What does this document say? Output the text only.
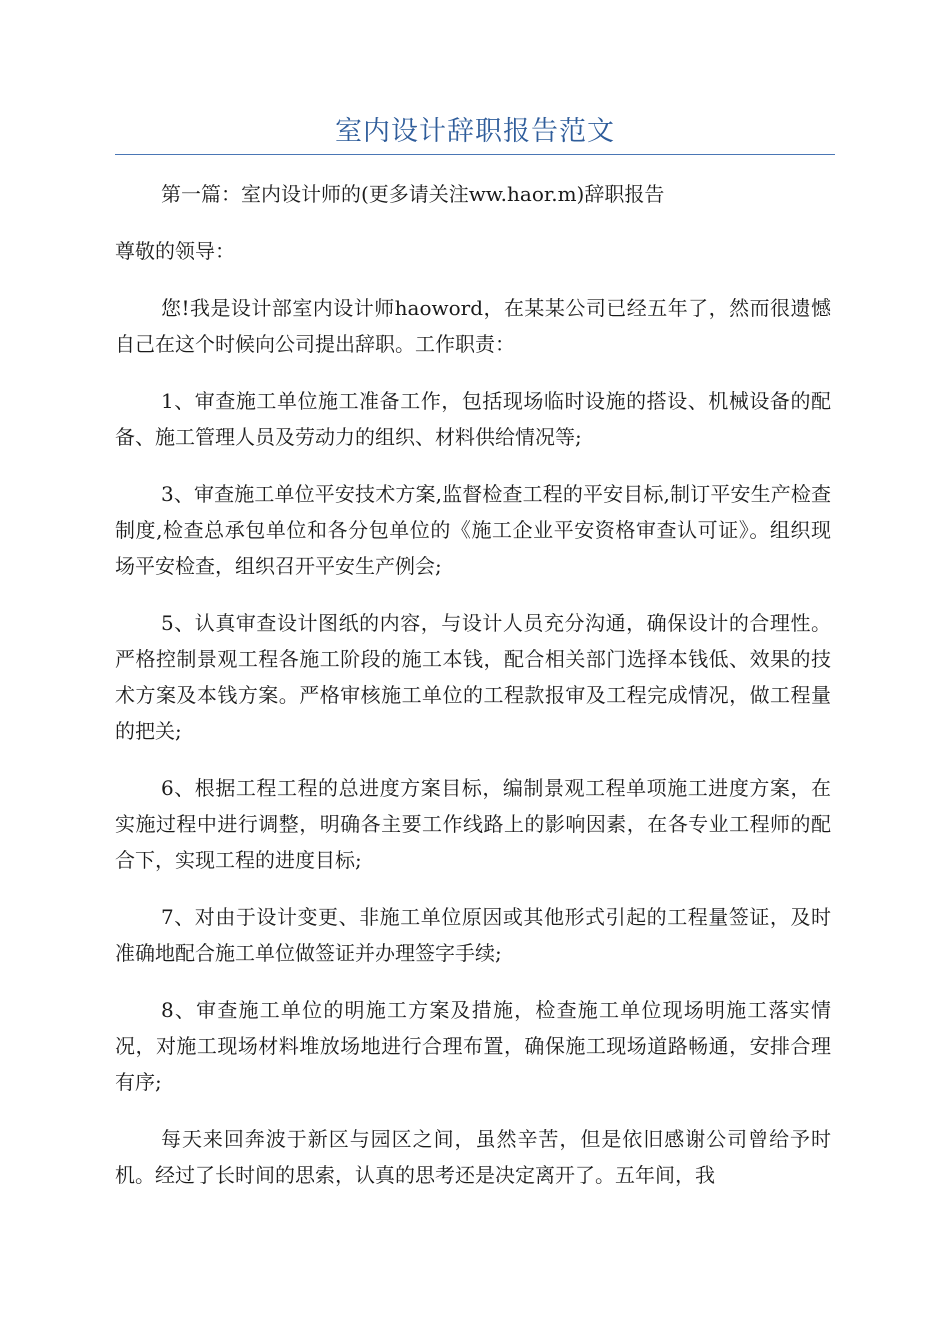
室内设计辞职报告范文

第一篇：室内设计师的(更多请关注ww.haor.m)辞职报告

尊敬的领导：

您!我是设计部室内设计师haoword，在某某公司已经五年了，然而很遗憾自己在这个时候向公司提出辞职。工作职责：

1、审查施工单位施工准备工作，包括现场临时设施的搭设、机械设备的配备、施工管理人员及劳动力的组织、材料供给情况等;

3、审查施工单位平安技术方案,监督检查工程的平安目标,制订平安生产检查制度,检查总承包单位和各分包单位的《施工企业平安资格审查认可证》。组织现场平安检查，组织召开平安生产例会;

5、认真审查设计图纸的内容，与设计人员充分沟通，确保设计的合理性。严格控制景观工程各施工阶段的施工本钱，配合相关部门选择本钱低、效果的技术方案及本钱方案。严格审核施工单位的工程款报审及工程完成情况，做工程量的把关;

6、根据工程工程的总进度方案目标，编制景观工程单项施工进度方案，在实施过程中进行调整，明确各主要工作线路上的影响因素，在各专业工程师的配合下，实现工程的进度目标;

7、对由于设计变更、非施工单位原因或其他形式引起的工程量签证，及时准确地配合施工单位做签证并办理签字手续;

8、审查施工单位的明施工方案及措施，检查施工单位现场明施工落实情况，对施工现场材料堆放场地进行合理布置，确保施工现场道路畅通，安排合理有序;

每天来回奔波于新区与园区之间，虽然辛苦，但是依旧感谢公司曾给予时机。经过了长时间的思索，认真的思考还是决定离开了。五年间，我
